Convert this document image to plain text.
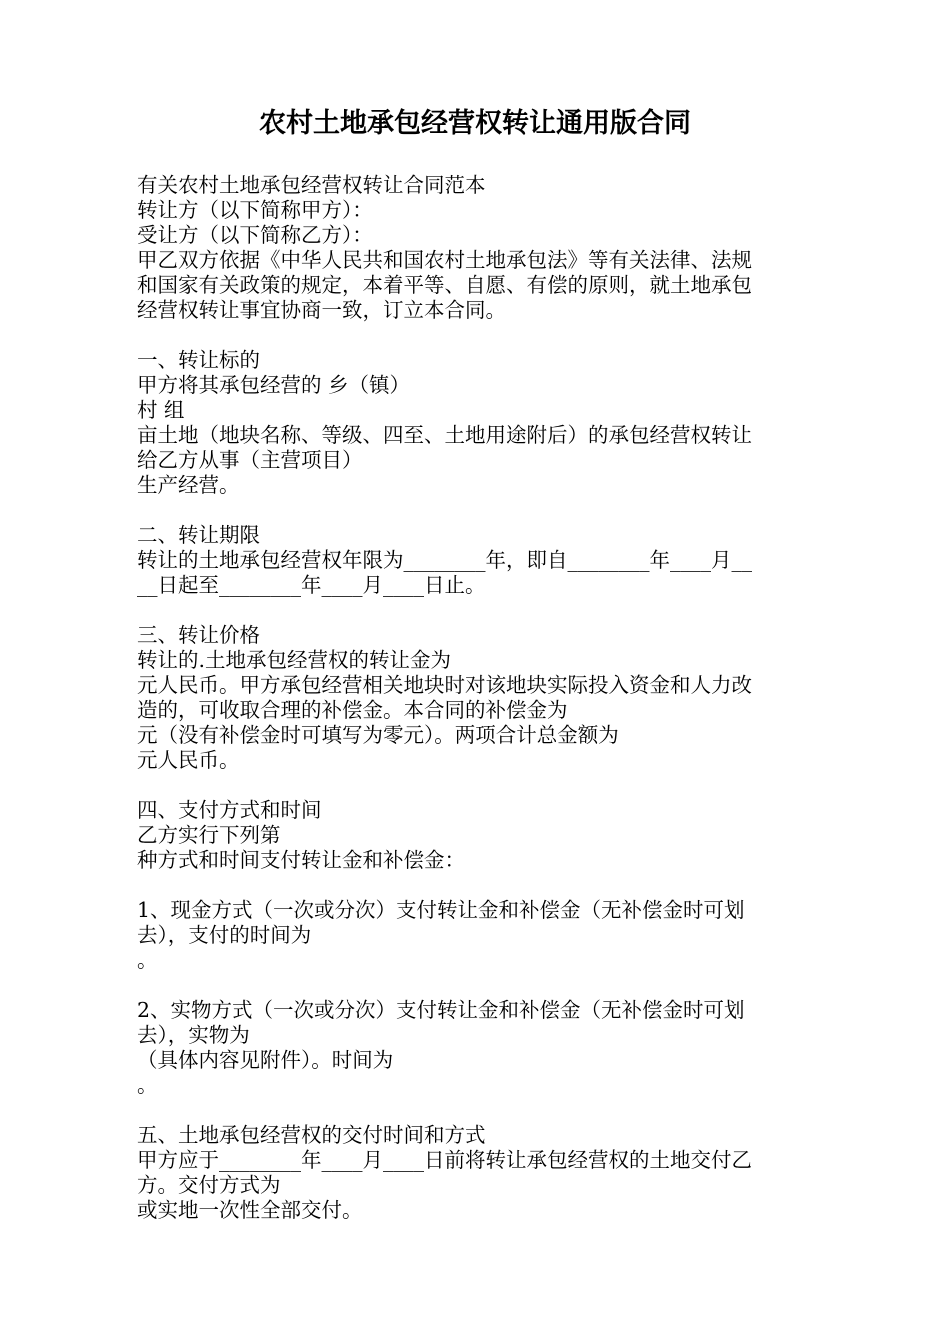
农村土地承包经营权转让通用版合同
有关农村土地承包经营权转让合同范本
转让方（以下简称甲方）：
受让方（以下简称乙方）：
甲乙双方依据《中华人民共和国农村土地承包法》等有关法律、法规
和国家有关政策的规定，本着平等、自愿、有偿的原则，就土地承包
经营权转让事宜协商一致，订立本合同。
一、转让标的
甲方将其承包经营的 乡（镇）
村 组
亩土地（地块名称、等级、四至、土地用途附后）的承包经营权转让
给乙方从事（主营项目）
生产经营。
二、转让期限
转让的土地承包经营权年限为________年，即自________年____月__
__日起至________年____月____日止。
三、转让价格
转让的.土地承包经营权的转让金为
元人民币。甲方承包经营相关地块时对该地块实际投入资金和人力改
造的，可收取合理的补偿金。本合同的补偿金为
元（没有补偿金时可填写为零元）。两项合计总金额为
元人民币。
四、支付方式和时间
乙方实行下列第
种方式和时间支付转让金和补偿金：
1、现金方式（一次或分次）支付转让金和补偿金（无补偿金时可划
去），支付的时间为
。
2、实物方式（一次或分次）支付转让金和补偿金（无补偿金时可划
去），实物为
（具体内容见附件）。时间为
。
五、土地承包经营权的交付时间和方式
甲方应于________年____月____日前将转让承包经营权的土地交付乙
方。交付方式为
或实地一次性全部交付。
